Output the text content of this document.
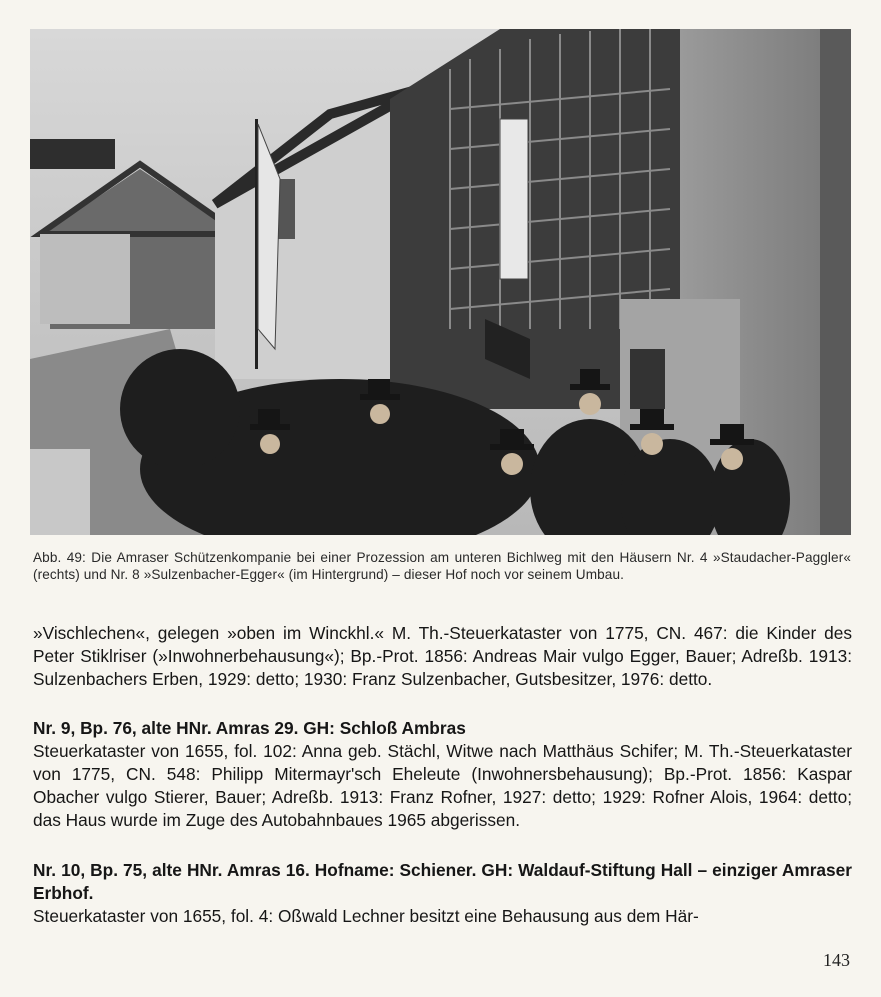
Abb. 49: Die Amraser Schützenkompanie bei einer Prozession am unteren Bichlweg mit den Häusern Nr. 4 »Staudacher-Paggler« (rechts) und Nr. 8 »Sulzenbacher-Egger« (im Hintergrund) – dieser Hof noch vor seinem Umbau.

»Vischlechen«, gelegen »oben im Winckhl.« M. Th.-Steuerkataster von 1775, CN. 467: die Kinder des Peter Stiklriser (»Inwohnerbehausung«); Bp.-Prot. 1856: Andreas Mair vulgo Egger, Bauer; Adreßb. 1913: Sulzenbachers Erben, 1929: detto; 1930: Franz Sulzenbacher, Gutsbesitzer, 1976: detto.

Nr. 9, Bp. 76, alte HNr. Amras 29. GH: Schloß Ambras
Steuerkataster von 1655, fol. 102: Anna geb. Stächl, Witwe nach Matthäus Schifer; M. Th.-Steuerkataster von 1775, CN. 548: Philipp Mitermayr'sch Eheleute (Inwohnersbehausung); Bp.-Prot. 1856: Kaspar Obacher vulgo Stierer, Bauer; Adreßb. 1913: Franz Rofner, 1927: detto; 1929: Rofner Alois, 1964: detto; das Haus wurde im Zuge des Autobahnbaues 1965 abgerissen.
Nr. 10, Bp. 75, alte HNr. Amras 16. Hofname: Schiener. GH: Waldauf-Stiftung Hall – einziger Amraser Erbhof.
Steuerkataster von 1655, fol. 4: Oßwald Lechner besitzt eine Behausung aus dem Här-
143
